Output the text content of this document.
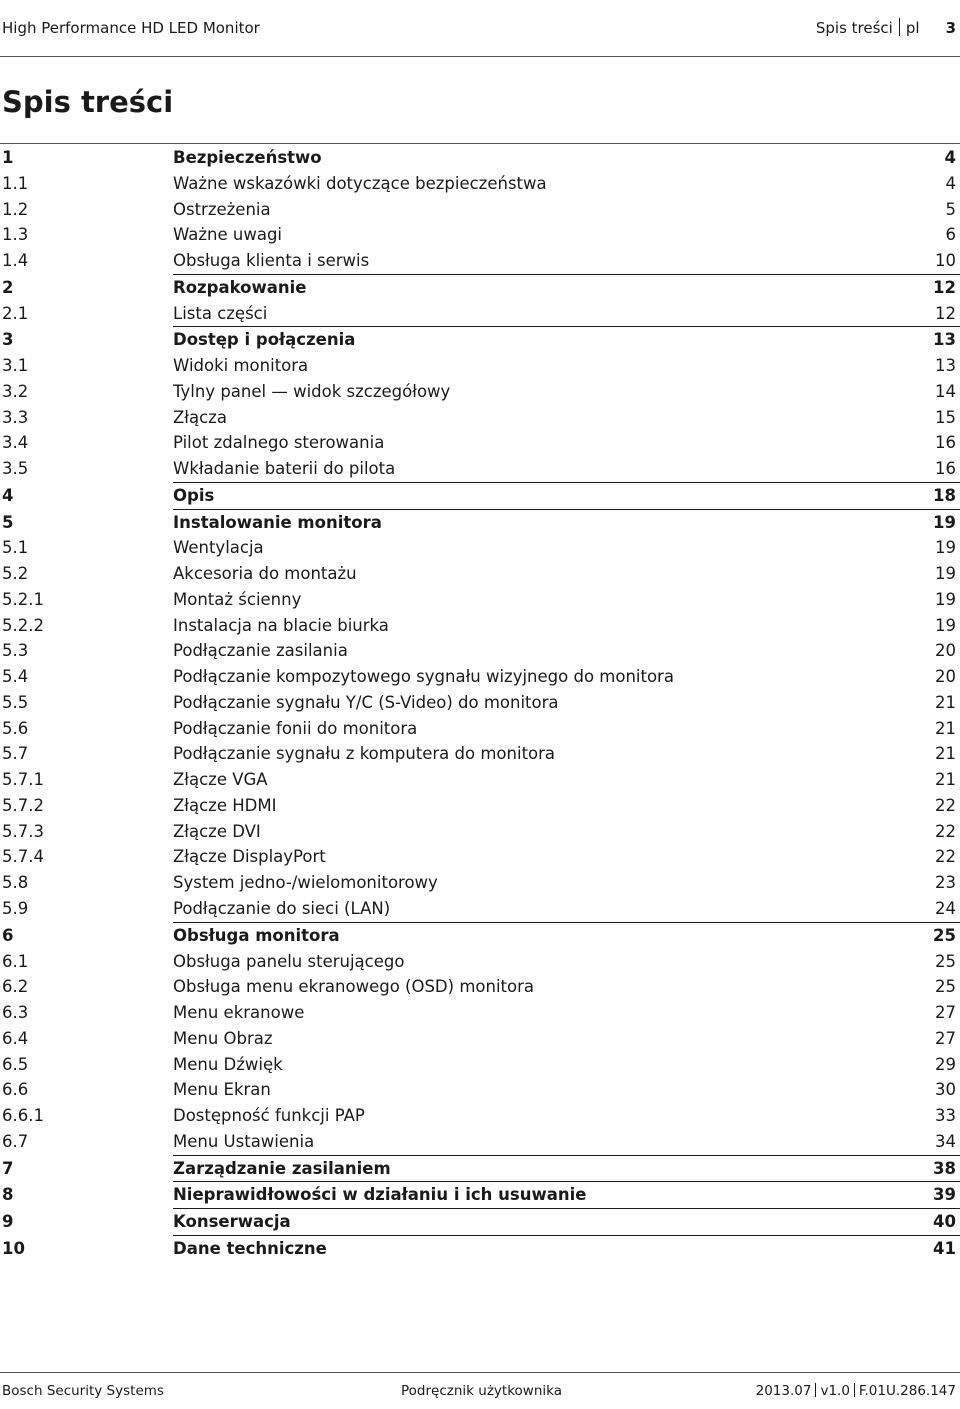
High Performance HD LED Monitor	Spis treści pl 3
Spis treści
1	Bezpieczeństwo	4
1.1	Ważne wskazówki dotyczące bezpieczeństwa	4
1.2	Ostrzeżenia	5
1.3	Ważne uwagi	6
1.4	Obsługa klienta i serwis	10
2	Rozpakowanie	12
2.1	Lista części	12
3	Dostęp i połączenia	13
3.1	Widoki monitora	13
3.2	Tylny panel — widok szczegółowy	14
3.3	Złącza	15
3.4	Pilot zdalnego sterowania	16
3.5	Wkładanie baterii do pilota	16
4	Opis	18
5	Instalowanie monitora	19
5.1	Wentylacja	19
5.2	Akcesoria do montażu	19
5.2.1	Montaż ścienny	19
5.2.2	Instalacja na blacie biurka	19
5.3	Podłączanie zasilania	20
5.4	Podłączanie kompozytowego sygnału wizyjnego do monitora	20
5.5	Podłączanie sygnału Y/C (S-Video) do monitora	21
5.6	Podłączanie fonii do monitora	21
5.7	Podłączanie sygnału z komputera do monitora	21
5.7.1	Złącze VGA	21
5.7.2	Złącze HDMI	22
5.7.3	Złącze DVI	22
5.7.4	Złącze DisplayPort	22
5.8	System jedno-/wielomonitorowy	23
5.9	Podłączanie do sieci (LAN)	24
6	Obsługa monitora	25
6.1	Obsługa panelu sterującego	25
6.2	Obsługa menu ekranowego (OSD) monitora	25
6.3	Menu ekranowe	27
6.4	Menu Obraz	27
6.5	Menu Dźwięk	29
6.6	Menu Ekran	30
6.6.1	Dostępność funkcji PAP	33
6.7	Menu Ustawienia	34
7	Zarządzanie zasilaniem	38
8	Nieprawidłowości w działaniu i ich usuwanie	39
9	Konserwacja	40
10	Dane techniczne	41
Bosch Security Systems	Podręcznik użytkownika	2013.07 v1.0 F.01U.286.147
